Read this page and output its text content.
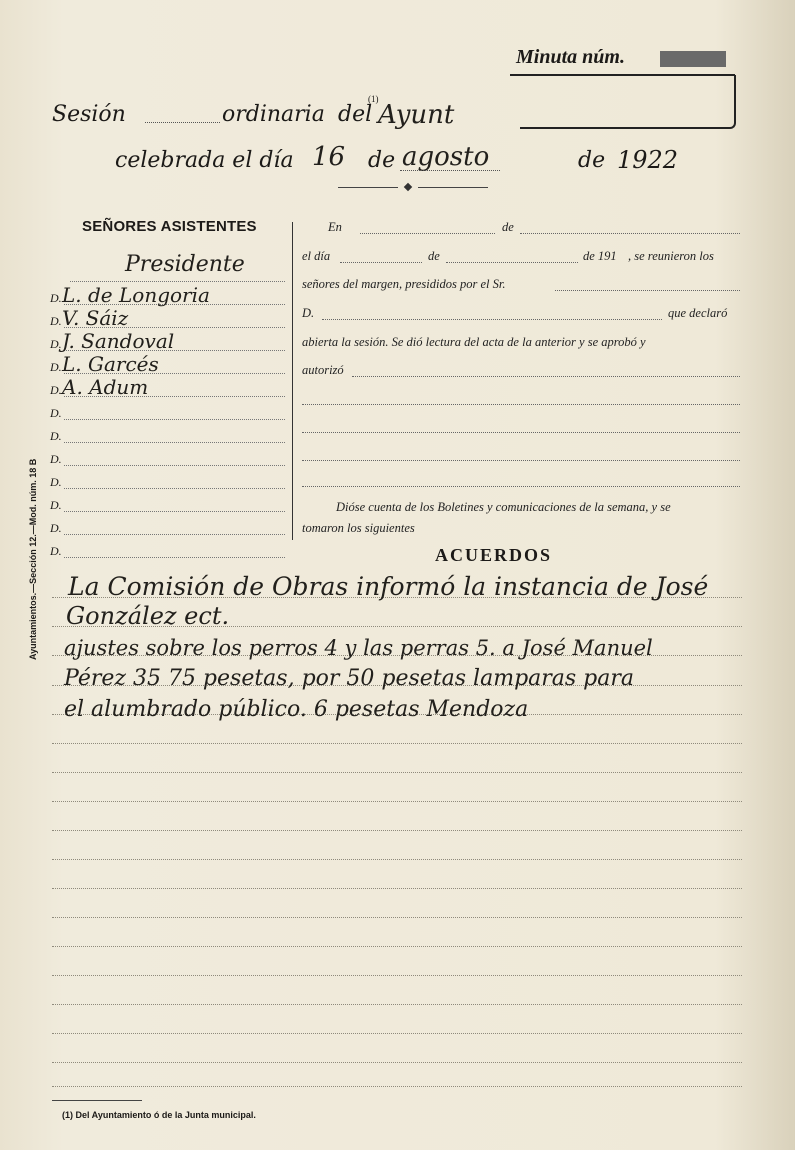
Minuta núm.
Sesión	ordinaria del
(1)
Ayunt
celebrada el día 16 de agosto	de 1922
SEÑORES ASISTENTES
Presidente
D. L. de Longoria
D. V. Sáiz
D. J. Sandoval
D. L. Garcés
D. A. Adum
D.
D.
D.
D.
D.
D.
D.
En	de
el día	de	de 191 , se reunieron los
señores del margen, presididos por el Sr.
D.	que declaró
abierta la sesión. Se dió lectura del acta de la anterior y se aprobó y
autorizó
Dióse cuenta de los Boletines y comunicaciones de la semana, y se
tomaron los siguientes
ACUERDOS
La Comisión de Obras informó la instancia de José
González ect.
ajustes sobre los perros 4 y las perras 5. a José Manuel
Pérez 35 75 pesetas, por 50 pesetas lamparas para
el alumbrado público. 6 pesetas Mendoza
Ayuntamientos.—Sección 12.—Mod. núm. 18 B
(1) Del Ayuntamiento ó de la Junta municipal.
